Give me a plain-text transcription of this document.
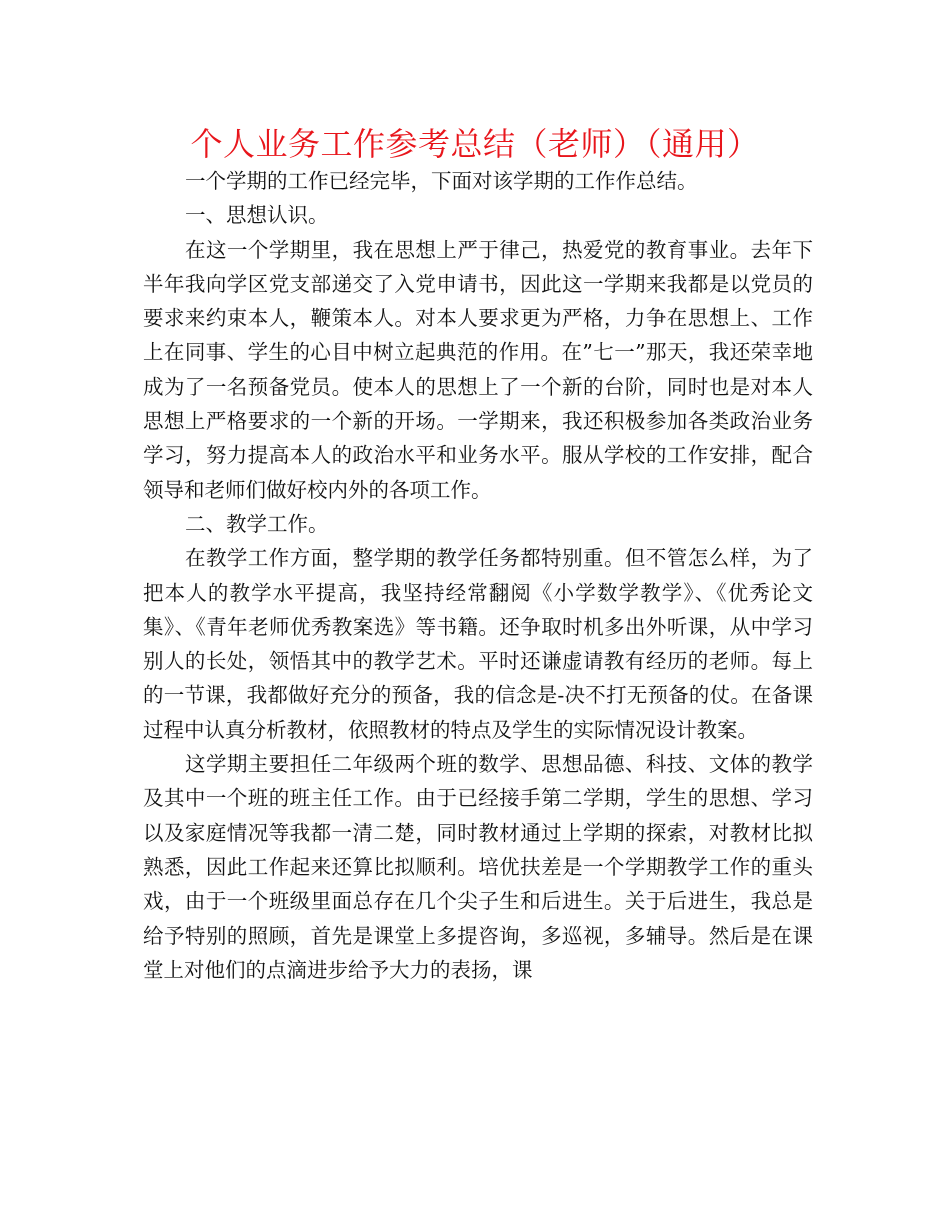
个人业务工作参考总结（老师）（通用）

一个学期的工作已经完毕，下面对该学期的工作作总结。

一、思想认识。

在这一个学期里，我在思想上严于律己，热爱党的教育事业。去年下半年我向学区党支部递交了入党申请书，因此这一学期来我都是以党员的要求来约束本人，鞭策本人。对本人要求更为严格，力争在思想上、工作上在同事、学生的心目中树立起典范的作用。在”七一”那天，我还荣幸地成为了一名预备党员。使本人的思想上了一个新的台阶，同时也是对本人思想上严格要求的一个新的开场。一学期来，我还积极参加各类政治业务学习，努力提高本人的政治水平和业务水平。服从学校的工作安排，配合领导和老师们做好校内外的各项工作。

二、教学工作。

在教学工作方面，整学期的教学任务都特别重。但不管怎么样，为了把本人的教学水平提高，我坚持经常翻阅《小学数学教学》、《优秀论文集》、《青年老师优秀教案选》等书籍。还争取时机多出外听课，从中学习别人的长处，领悟其中的教学艺术。平时还谦虚请教有经历的老师。每上的一节课，我都做好充分的预备，我的信念是-决不打无预备的仗。在备课过程中认真分析教材，依照教材的特点及学生的实际情况设计教案。

这学期主要担任二年级两个班的数学、思想品德、科技、文体的教学及其中一个班的班主任工作。由于已经接手第二学期，学生的思想、学习以及家庭情况等我都一清二楚，同时教材通过上学期的探索，对教材比拟熟悉，因此工作起来还算比拟顺利。培优扶差是一个学期教学工作的重头戏，由于一个班级里面总存在几个尖子生和后进生。关于后进生，我总是给予特别的照顾，首先是课堂上多提咨询，多巡视，多辅导。然后是在课堂上对他们的点滴进步给予大力的表扬，课
